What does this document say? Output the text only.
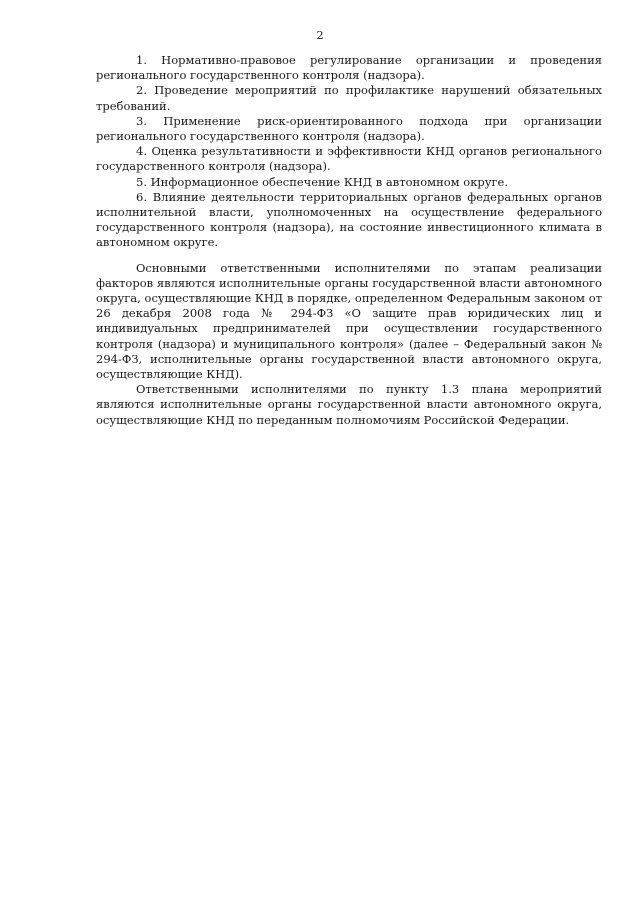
2

1. Нормативно-правовое регулирование организации и проведения регионального государственного контроля (надзора).

2. Проведение мероприятий по профилактике нарушений обязательных требований.

3. Применение риск-ориентированного подхода при организации регионального государственного контроля (надзора).

4. Оценка результативности и эффективности КНД органов регионального государственного контроля (надзора).

5. Информационное обеспечение КНД в автономном округе.

6. Влияние деятельности территориальных органов федеральных органов исполнительной власти, уполномоченных на осуществление федерального государственного контроля (надзора), на состояние инвестиционного климата в автономном округе.

Основными ответственными исполнителями по этапам реализации факторов являются исполнительные органы государственной власти автономного округа, осуществляющие КНД в порядке, определенном Федеральным законом от 26 декабря 2008 года № 294-ФЗ «О защите прав юридических лиц и индивидуальных предпринимателей при осуществлении государственного контроля (надзора) и муниципального контроля» (далее – Федеральный закон № 294-ФЗ, исполнительные органы государственной власти автономного округа, осуществляющие КНД).

Ответственными исполнителями по пункту 1.3 плана мероприятий являются исполнительные органы государственной власти автономного округа, осуществляющие КНД по переданным полномочиям Российской Федерации.
